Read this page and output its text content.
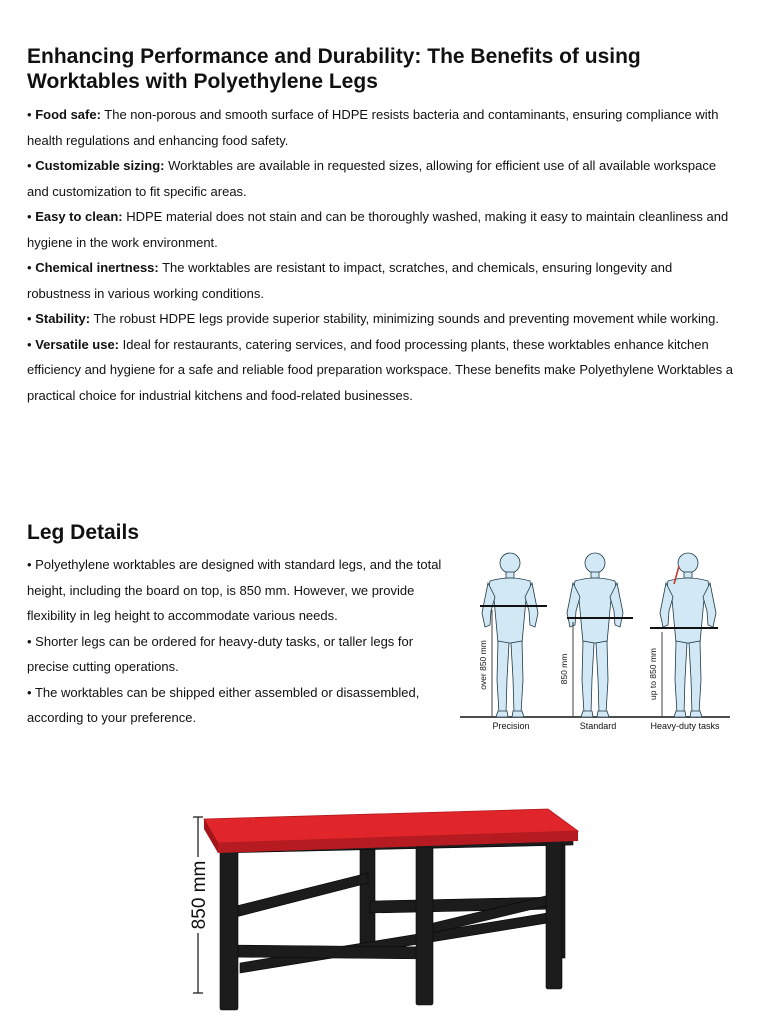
Enhancing Performance and Durability: The Benefits of using Worktables with Polyethylene Legs

• Food safe: The non-porous and smooth surface of HDPE resists bacteria and contaminants, ensuring compliance with health regulations and enhancing food safety.

• Customizable sizing: Worktables are available in requested sizes, allowing for efficient use of all available workspace and customization to fit specific areas.

• Easy to clean: HDPE material does not stain and can be thoroughly washed, making it easy to maintain cleanliness and hygiene in the work environment.

• Chemical inertness: The worktables are resistant to impact, scratches, and chemicals, ensuring longevity and robustness in various working conditions.

• Stability: The robust HDPE legs provide superior stability, minimizing sounds and preventing movement while working.

• Versatile use: Ideal for restaurants, catering services, and food processing plants, these worktables enhance kitchen efficiency and hygiene for a safe and reliable food preparation workspace. These benefits make Polyethylene Worktables a practical choice for industrial kitchens and food-related businesses.

Leg Details

• Polyethylene worktables are designed with standard legs, and the total height, including the board on top, is 850 mm. However, we provide flexibility in leg height to accommodate various needs.

• Shorter legs can be ordered for heavy-duty tasks, or taller legs for precise cutting operations.

• The worktables can be shipped either assembled or disassembled, according to your preference.

over 850 mm	850 mm	up to 850 mm
Precision	Standard	Heavy-duty tasks
850 mm
